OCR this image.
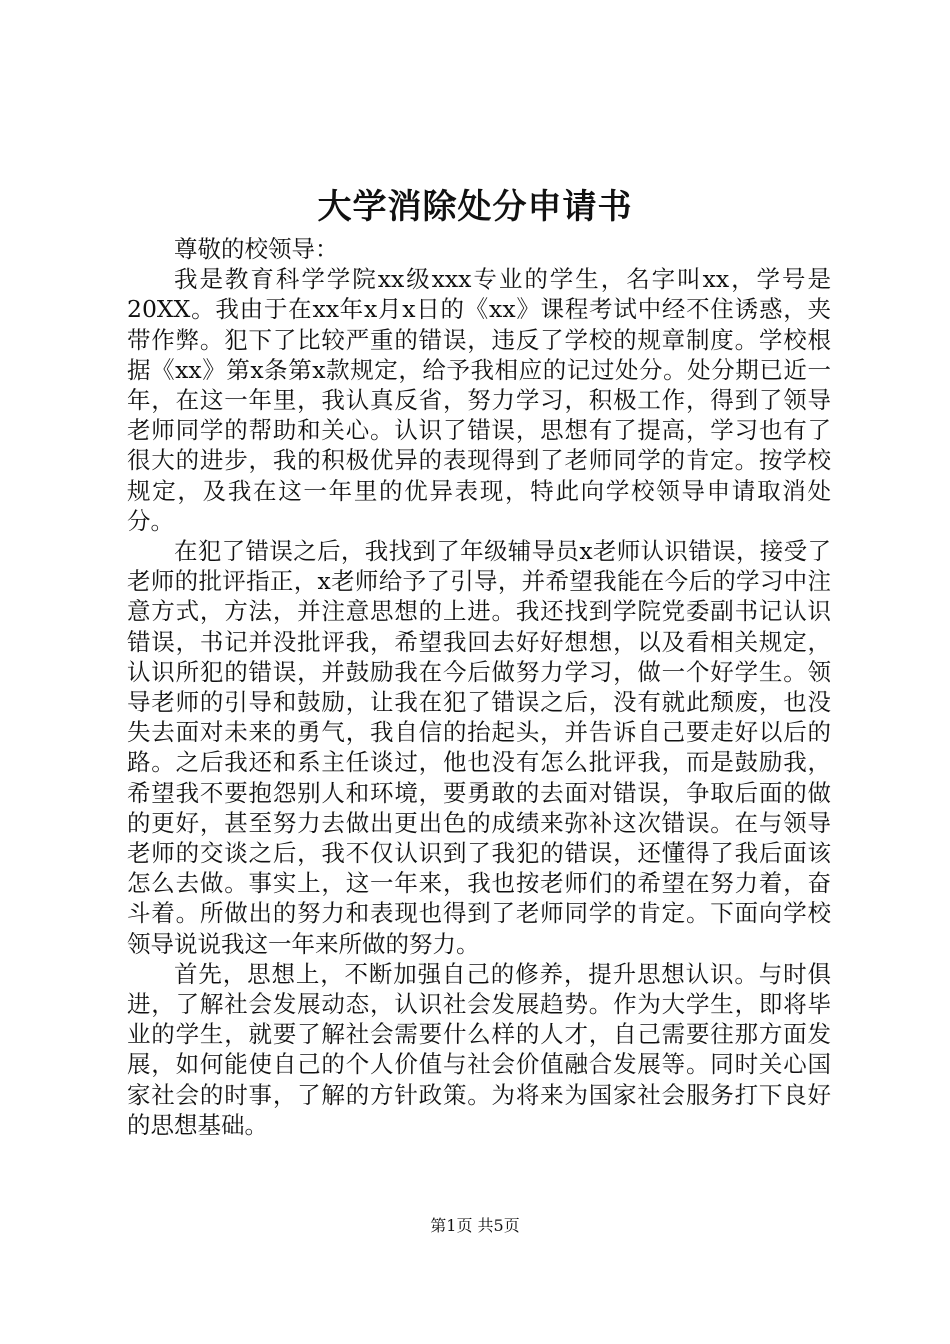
大学消除处分申请书

尊敬的校领导：

我是教育科学学院xx级xxx专业的学生，名字叫xx，学号是20XX。我由于在xx年x月x日的《xx》课程考试中经不住诱惑，夹带作弊。犯下了比较严重的错误，违反了学校的规章制度。学校根据《xx》第x条第x款规定，给予我相应的记过处分。处分期已近一年，在这一年里，我认真反省，努力学习，积极工作，得到了领导老师同学的帮助和关心。认识了错误，思想有了提高，学习也有了很大的进步，我的积极优异的表现得到了老师同学的肯定。按学校规定，及我在这一年里的优异表现，特此向学校领导申请取消处分。

在犯了错误之后，我找到了年级辅导员x老师认识错误，接受了老师的批评指正，x老师给予了引导，并希望我能在今后的学习中注意方式，方法，并注意思想的上进。我还找到学院党委副书记认识错误，书记并没批评我，希望我回去好好想想，以及看相关规定，认识所犯的错误，并鼓励我在今后做努力学习，做一个好学生。领导老师的引导和鼓励，让我在犯了错误之后，没有就此颓废，也没失去面对未来的勇气，我自信的抬起头，并告诉自己要走好以后的路。之后我还和系主任谈过，他也没有怎么批评我，而是鼓励我，希望我不要抱怨别人和环境，要勇敢的去面对错误，争取后面的做的更好，甚至努力去做出更出色的成绩来弥补这次错误。在与领导老师的交谈之后，我不仅认识到了我犯的错误，还懂得了我后面该怎么去做。事实上，这一年来，我也按老师们的希望在努力着，奋斗着。所做出的努力和表现也得到了老师同学的肯定。下面向学校领导说说我这一年来所做的努力。

首先，思想上，不断加强自己的修养，提升思想认识。与时俱进，了解社会发展动态，认识社会发展趋势。作为大学生，即将毕业的学生，就要了解社会需要什么样的人才，自己需要往那方面发展，如何能使自己的个人价值与社会价值融合发展等。同时关心国家社会的时事，了解的方针政策。为将来为国家社会服务打下良好的思想基础。

第1页 共5页
